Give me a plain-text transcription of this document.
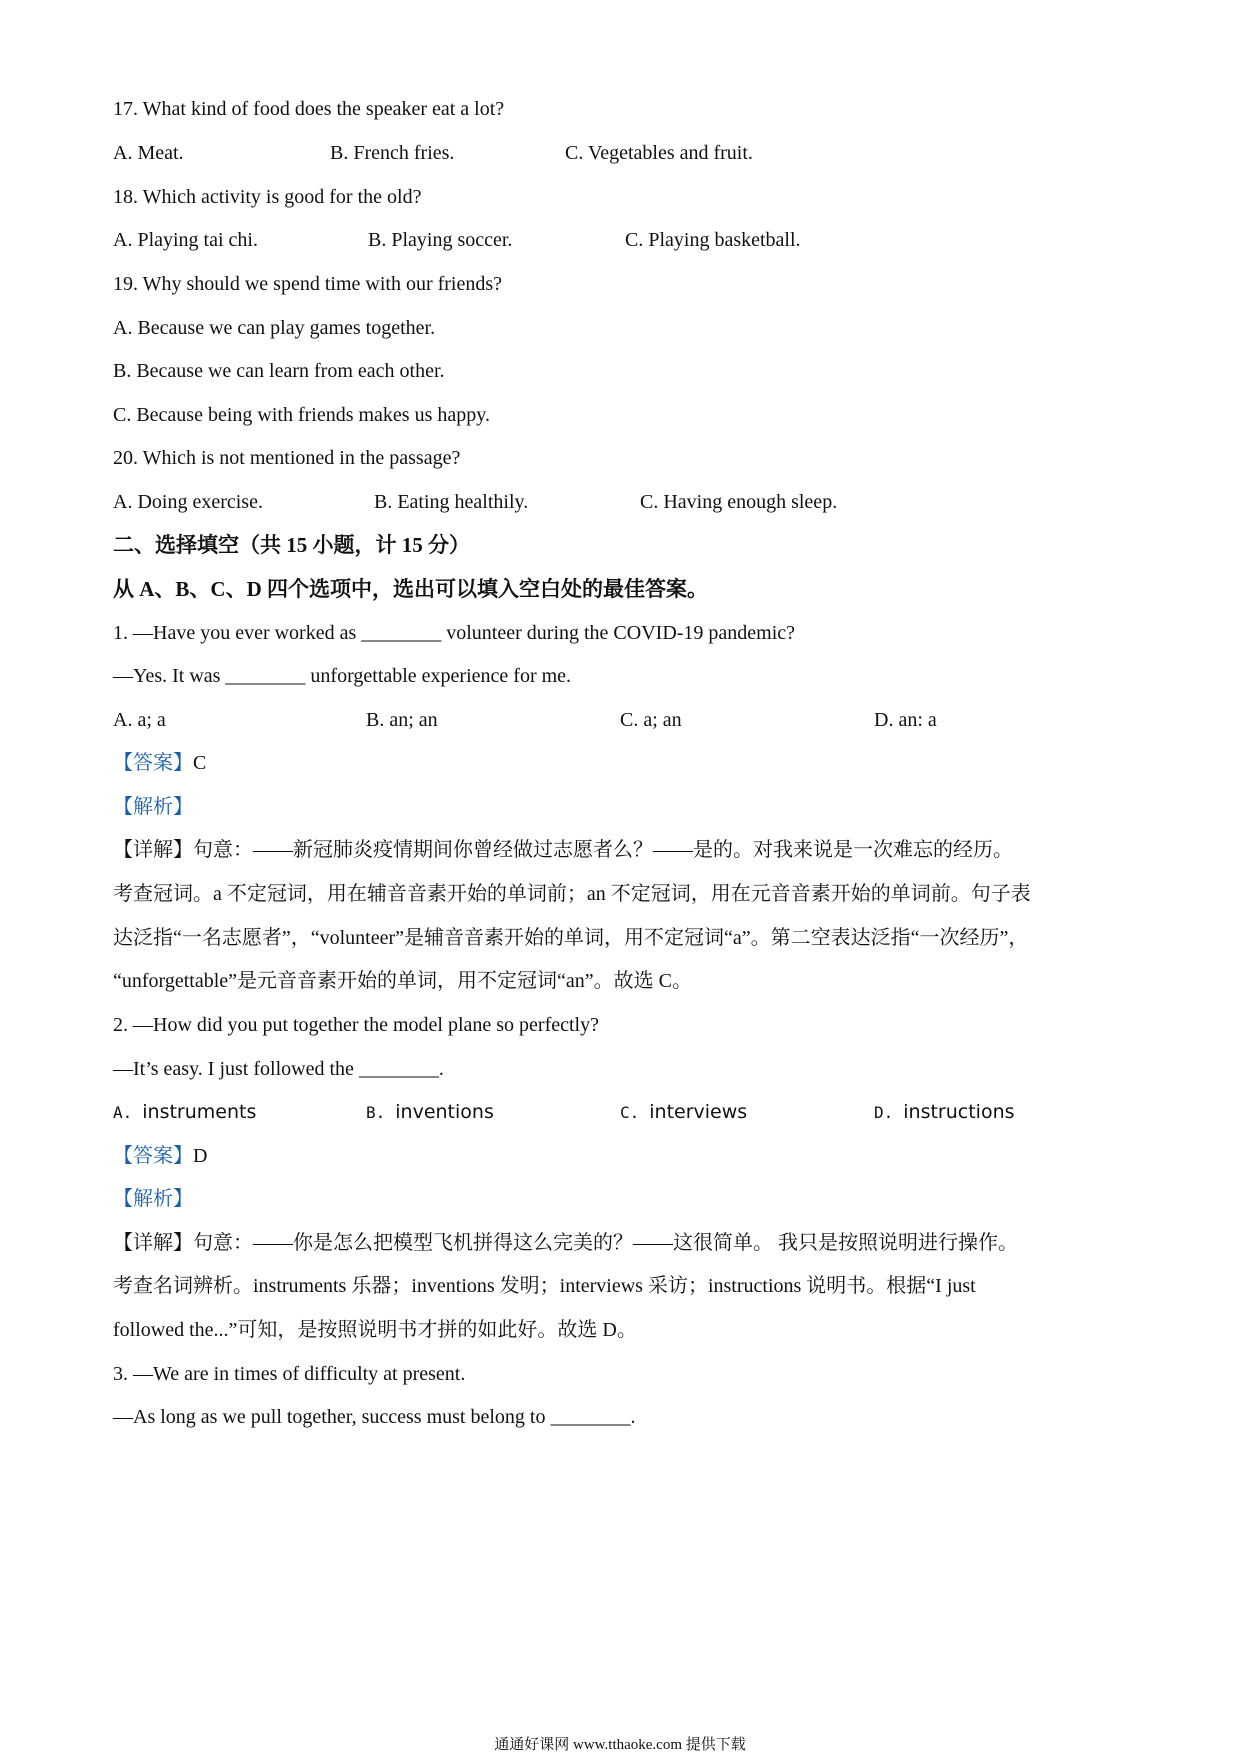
17. What kind of food does the speaker eat a lot?
A. Meat.	B. French fries.	C. Vegetables and fruit.
18. Which activity is good for the old?
A. Playing tai chi.	B. Playing soccer.	C. Playing basketball.
19. Why should we spend time with our friends?
A. Because we can play games together.
B. Because we can learn from each other.
C. Because being with friends makes us happy.
20. Which is not mentioned in the passage?
A. Doing exercise.	B. Eating healthily.	C. Having enough sleep.
二、选择填空（共 15 小题，计 15 分）
从 A、B、C、D 四个选项中，选出可以填入空白处的最佳答案。
1. —Have you ever worked as ________ volunteer during the COVID-19 pandemic?
—Yes. It was ________ unforgettable experience for me.
A. a; a	B. an; an	C. a; an	D. an: a
【答案】C
【解析】
【详解】句意：——新冠肺炎疫情期间你曾经做过志愿者么？——是的。对我来说是一次难忘的经历。
考查冠词。a 不定冠词，用在辅音音素开始的单词前；an 不定冠词，用在元音音素开始的单词前。句子表
达泛指“一名志愿者”，“volunteer”是辅音音素开始的单词，用不定冠词“a”。第二空表达泛指“一次经历”，
“unforgettable”是元音音素开始的单词，用不定冠词“an”。故选 C。
2. —How did you put together the model plane so perfectly?
—It’s easy. I just followed the ________.
A. instruments	B. inventions	C. interviews	D. instructions
【答案】D
【解析】
【详解】句意：——你是怎么把模型飞机拼得这么完美的？——这很简单。 我只是按照说明进行操作。
考查名词辨析。instruments 乐器；inventions 发明；interviews 采访；instructions 说明书。根据“I just
followed the...”可知，是按照说明书才拼的如此好。故选 D。
3. —We are in times of difficulty at present.
—As long as we pull together, success must belong to ________.
通通好课网 www.tthaoke.com 提供下载
